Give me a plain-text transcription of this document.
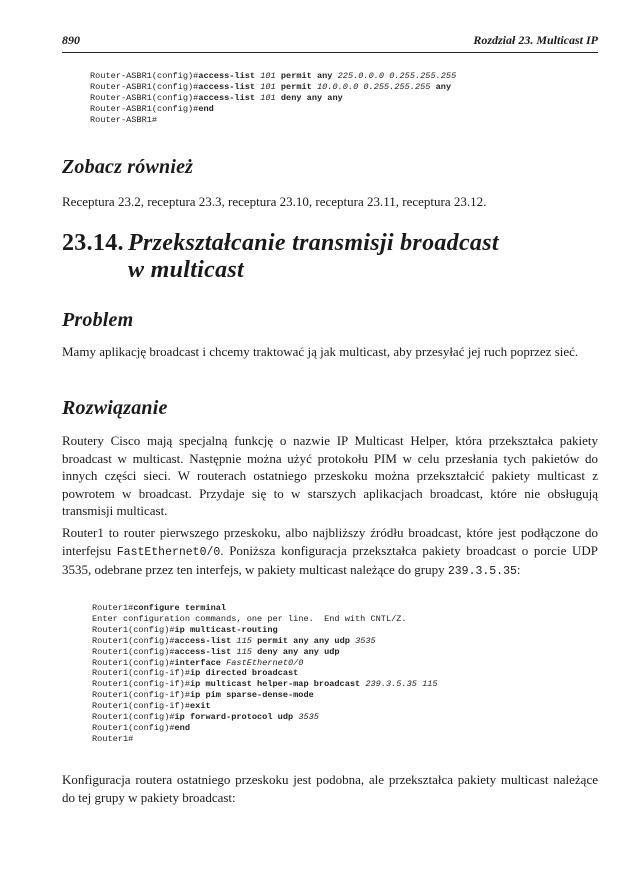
890	Rozdział 23. Multicast IP
Router-ASBR1(config)#access-list 101 permit any 225.0.0.0 0.255.255.255
Router-ASBR1(config)#access-list 101 permit 10.0.0.0 0.255.255.255 any
Router-ASBR1(config)#access-list 101 deny any any
Router-ASBR1(config)#end
Router-ASBR1#
Zobacz również
Receptura 23.2, receptura 23.3, receptura 23.10, receptura 23.11, receptura 23.12.
23.14. Przekształcanie transmisji broadcast
w multicast
Problem
Mamy aplikację broadcast i chcemy traktować ją jak multicast, aby przesyłać jej ruch poprzez sieć.
Rozwiązanie
Routery Cisco mają specjalną funkcję o nazwie IP Multicast Helper, która przekształca pakiety broadcast w multicast. Następnie można użyć protokołu PIM w celu przesłania tych pakietów do innych części sieci. W routerach ostatniego przeskoku można przekształcić pakiety multicast z powrotem w broadcast. Przydaje się to w starszych aplikacjach broadcast, które nie obsługują transmisji multicast.
Router1 to router pierwszego przeskoku, albo najbliższy źródłu broadcast, które jest podłączone do interfejsu FastEthernet0/0. Poniższa konfiguracja przekształca pakiety broadcast o porcie UDP 3535, odebrane przez ten interfejs, w pakiety multicast należące do grupy 239.3.5.35:
Router1#configure terminal
Enter configuration commands, one per line.  End with CNTL/Z.
Router1(config)#ip multicast-routing
Router1(config)#access-list 115 permit any any udp 3535
Router1(config)#access-list 115 deny any any udp
Router1(config)#interface FastEthernet0/0
Router1(config-if)#ip directed broadcast
Router1(config-if)#ip multicast helper-map broadcast 239.3.5.35 115
Router1(config-if)#ip pim sparse-dense-mode
Router1(config-if)#exit
Router1(config)#ip forward-protocol udp 3535
Router1(config)#end
Router1#
Konfiguracja routera ostatniego przeskoku jest podobna, ale przekształca pakiety multicast należące do tej grupy w pakiety broadcast:
